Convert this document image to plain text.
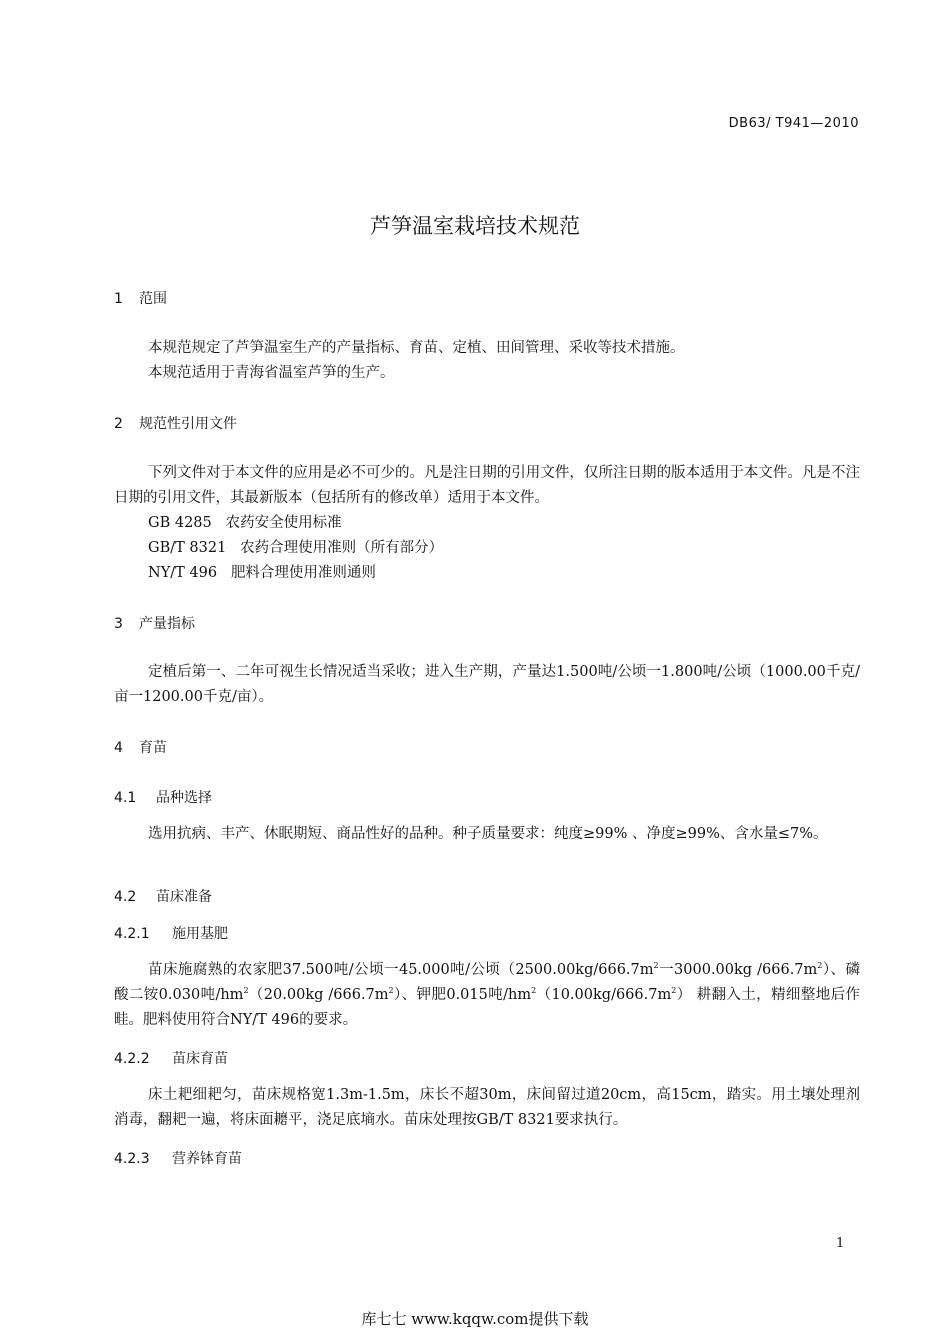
DB63/ T941—2010
芦笋温室栽培技术规范
1 范围
本规范规定了芦笋温室生产的产量指标、育苗、定植、田间管理、采收等技术措施。
本规范适用于青海省温室芦笋的生产。
2 规范性引用文件
下列文件对于本文件的应用是必不可少的。凡是注日期的引用文件，仅所注日期的版本适用于本文件。凡是不注日期的引用文件，其最新版本（包括所有的修改单）适用于本文件。
GB 4285 农药安全使用标准
GB/T 8321 农药合理使用准则（所有部分）
NY/T 496 肥料合理使用准则通则
3 产量指标
定植后第一、二年可视生长情况适当采收；进入生产期，产量达1.500吨/公顷一1.800吨/公顷（1000.00千克/亩一1200.00千克/亩）。
4 育苗
4.1 品种选择
选用抗病、丰产、休眠期短、商品性好的品种。种子质量要求：纯度≥99% 、净度≥99%、含水量≤7%。
4.2 苗床准备
4.2.1 施用基肥
苗床施腐熟的农家肥37.500吨/公顷一45.000吨/公顷（$2500.00kg/666.7m^2$一3000.00kg $/666.7m^2$）、磷酸二铵0.030吨$/hm^2(20.00kg$ $/666.7m^2$）、钾肥0.015吨$/hm^2(10.00kg/666.7m^2)$ 耕翻入土，精细整地后作畦。肥料使用符合NY/T 496的要求。
4.2.2 苗床育苗
床土耙细耙匀，苗床规格宽1.3m-1.5m，床长不超30m，床间留过道20cm，高15cm，踏实。用土壤处理剂消毒，翻耙一遍，将床面耱平，浇足底墒水。苗床处理按GB/T 8321要求执行。
4.2.3 营养钵育苗
1
库七七 www.kqqw.com提供下载
